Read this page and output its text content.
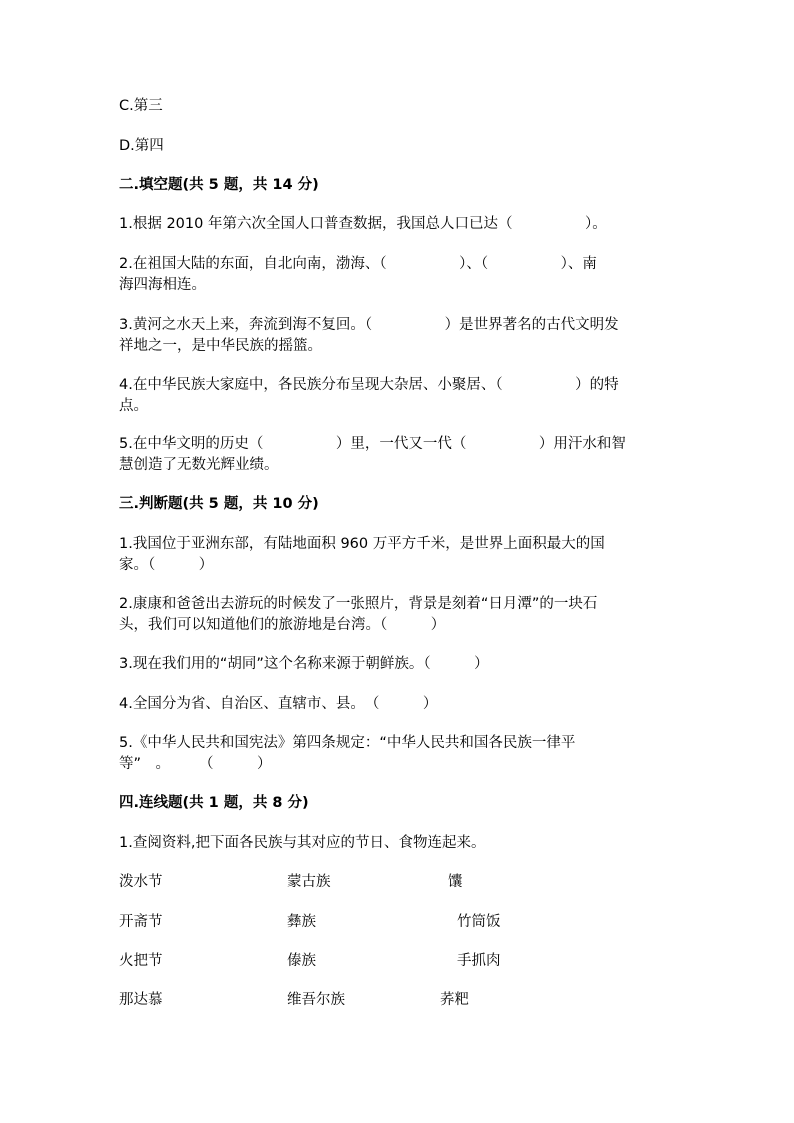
C.第三

D.第四

二.填空题(共 5 题，共 14 分)

1.根据 2010 年第六次全国人口普查数据，我国总人口已达（　　　　　）。

2.在祖国大陆的东面，自北向南，渤海、（　　　　　）、（　　　　　）、南

海四海相连。

3.黄河之水天上来，奔流到海不复回。（　　　　　）是世界著名的古代文明发

祥地之一，是中华民族的摇篮。

4.在中华民族大家庭中，各民族分布呈现大杂居、小聚居、（　　　　　）的特

点。

5.在中华文明的历史（　　　　　）里，一代又一代（　　　　　）用汗水和智

慧创造了无数光辉业绩。

三.判断题(共 5 题，共 10 分)

1.我国位于亚洲东部，有陆地面积 960 万平方千米，是世界上面积最大的国

家。（　　　）

2.康康和爸爸出去游玩的时候发了一张照片，背景是刻着“日月潭”的一块石

头，我们可以知道他们的旅游地是台湾。（　　　）

3.现在我们用的“胡同”这个名称来源于朝鲜族。（　　　）

4.全国分为省、自治区、直辖市、县。　（　　　）

5.《中华人民共和国宪法》第四条规定：“中华人民共和国各民族一律平

等”　。　　　（　　　）

四.连线题(共 1 题，共 8 分)

1.查阅资料,把下面各民族与其对应的节日、食物连起来。

泼水节	蒙古族	馕

开斋节	彝族	竹筒饭

火把节	傣族	手抓肉

那达慕	维吾尔族	荞粑
